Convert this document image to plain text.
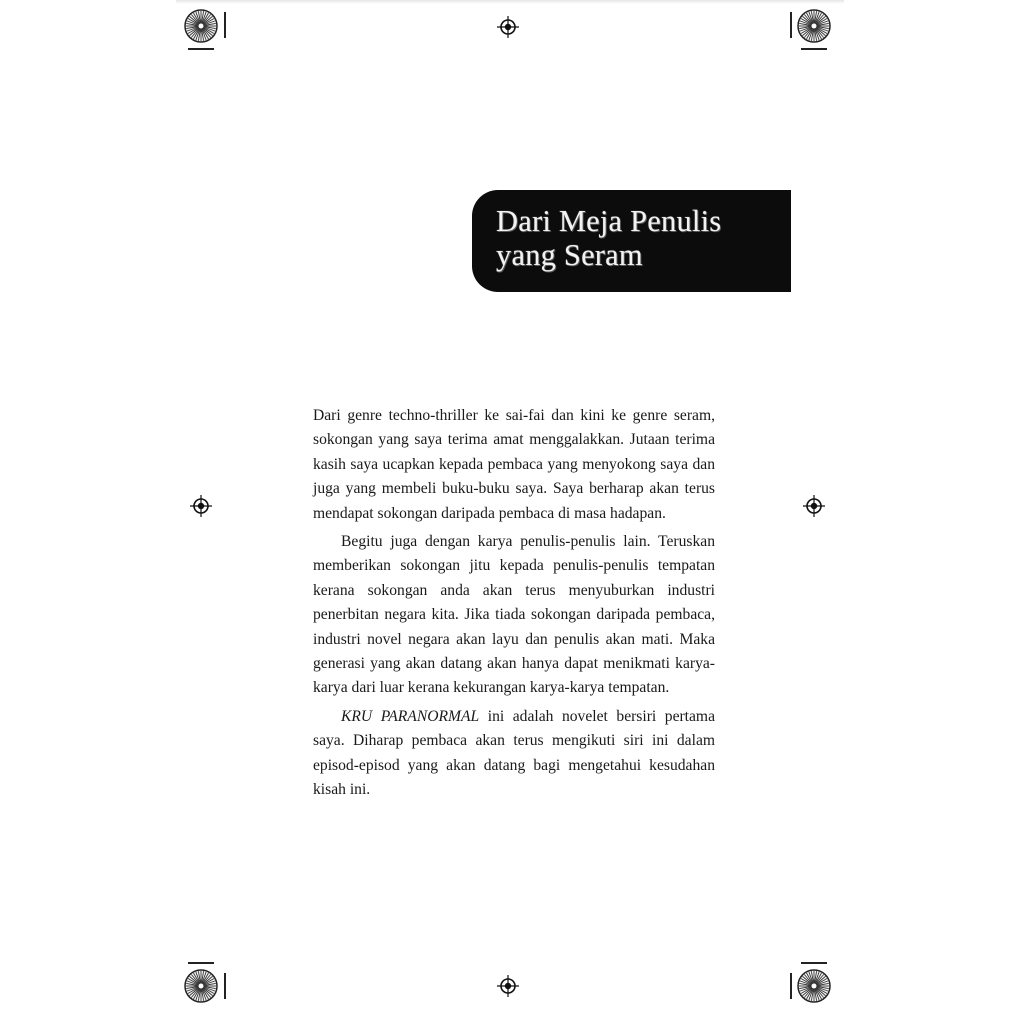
Dari Meja Penulis
yang Seram

Dari genre techno-thriller ke sai-fai dan kini ke genre seram, sokongan yang saya terima amat menggalakkan. Jutaan terima kasih saya ucapkan kepada pembaca yang menyokong saya dan juga yang membeli buku-buku saya. Saya berharap akan terus mendapat sokongan daripada pembaca di masa hadapan.

Begitu juga dengan karya penulis-penulis lain. Teruskan memberikan sokongan jitu kepada penulis-penulis tempatan kerana sokongan anda akan terus menyuburkan industri penerbitan negara kita. Jika tiada sokongan daripada pembaca, industri novel negara akan layu dan penulis akan mati. Maka generasi yang akan datang akan hanya dapat menikmati karya-karya dari luar kerana kekurangan karya-karya tempatan.

KRU PARANORMAL ini adalah novelet bersiri pertama saya. Diharap pembaca akan terus mengikuti siri ini dalam episod-episod yang akan datang bagi mengetahui kesudahan kisah ini.
